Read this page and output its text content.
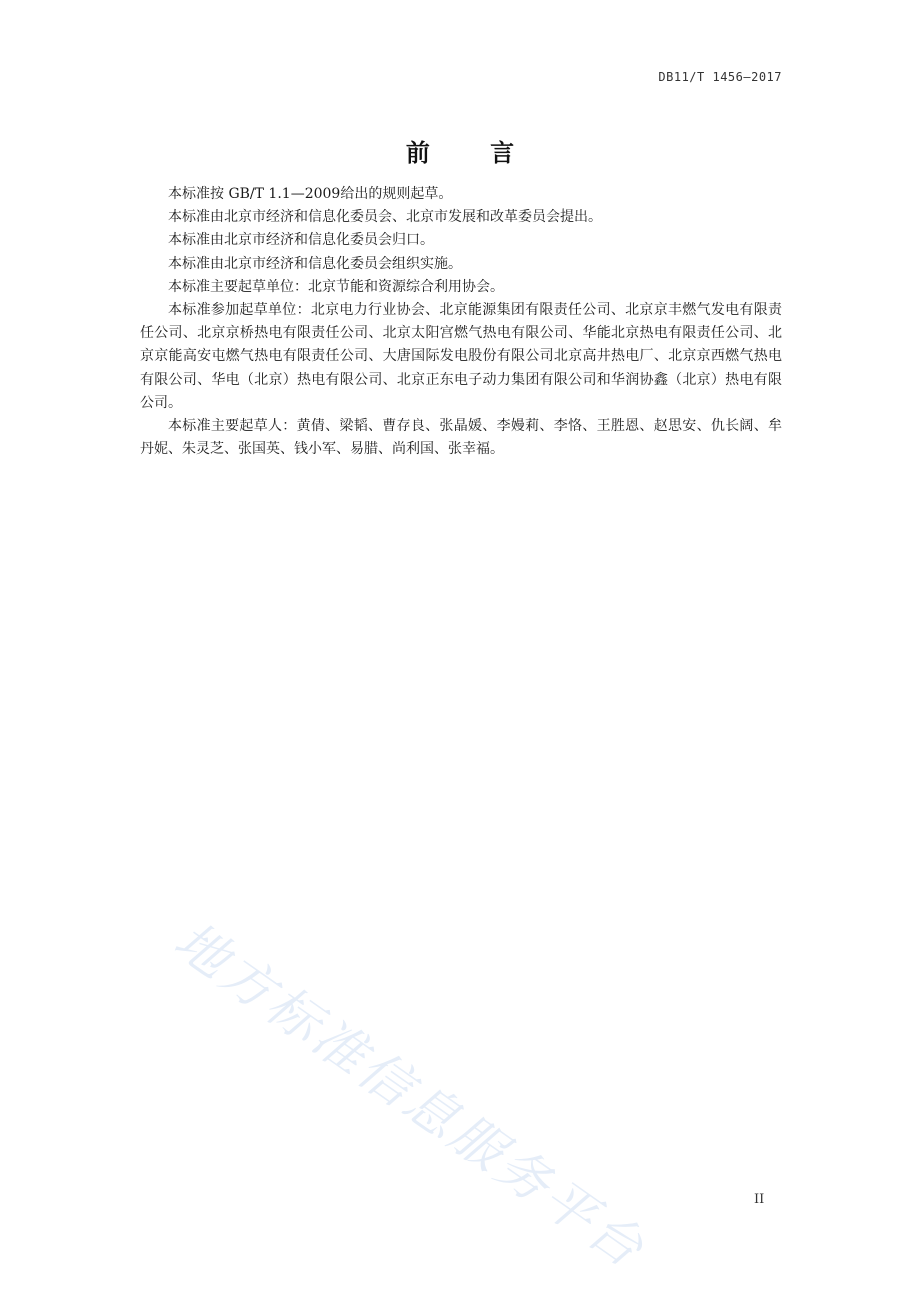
DB11/T 1456—2017
前 言

本标准按 GB/T 1.1—2009给出的规则起草。

本标准由北京市经济和信息化委员会、北京市发展和改革委员会提出。

本标准由北京市经济和信息化委员会归口。

本标准由北京市经济和信息化委员会组织实施。

本标准主要起草单位：北京节能和资源综合利用协会。

本标准参加起草单位：北京电力行业协会、北京能源集团有限责任公司、北京京丰燃气发电有限责任公司、北京京桥热电有限责任公司、北京太阳宫燃气热电有限公司、华能北京热电有限责任公司、北京京能高安屯燃气热电有限责任公司、大唐国际发电股份有限公司北京高井热电厂、北京京西燃气热电有限公司、华电（北京）热电有限公司、北京正东电子动力集团有限公司和华润协鑫（北京）热电有限公司。

本标准主要起草人：黄倩、梁韬、曹存良、张晶媛、李嫚莉、李恪、王胜恩、赵思安、仇长阔、牟丹妮、朱灵芝、张国英、钱小军、易腊、尚利国、张幸福。

地方标准信息服务平台	II
